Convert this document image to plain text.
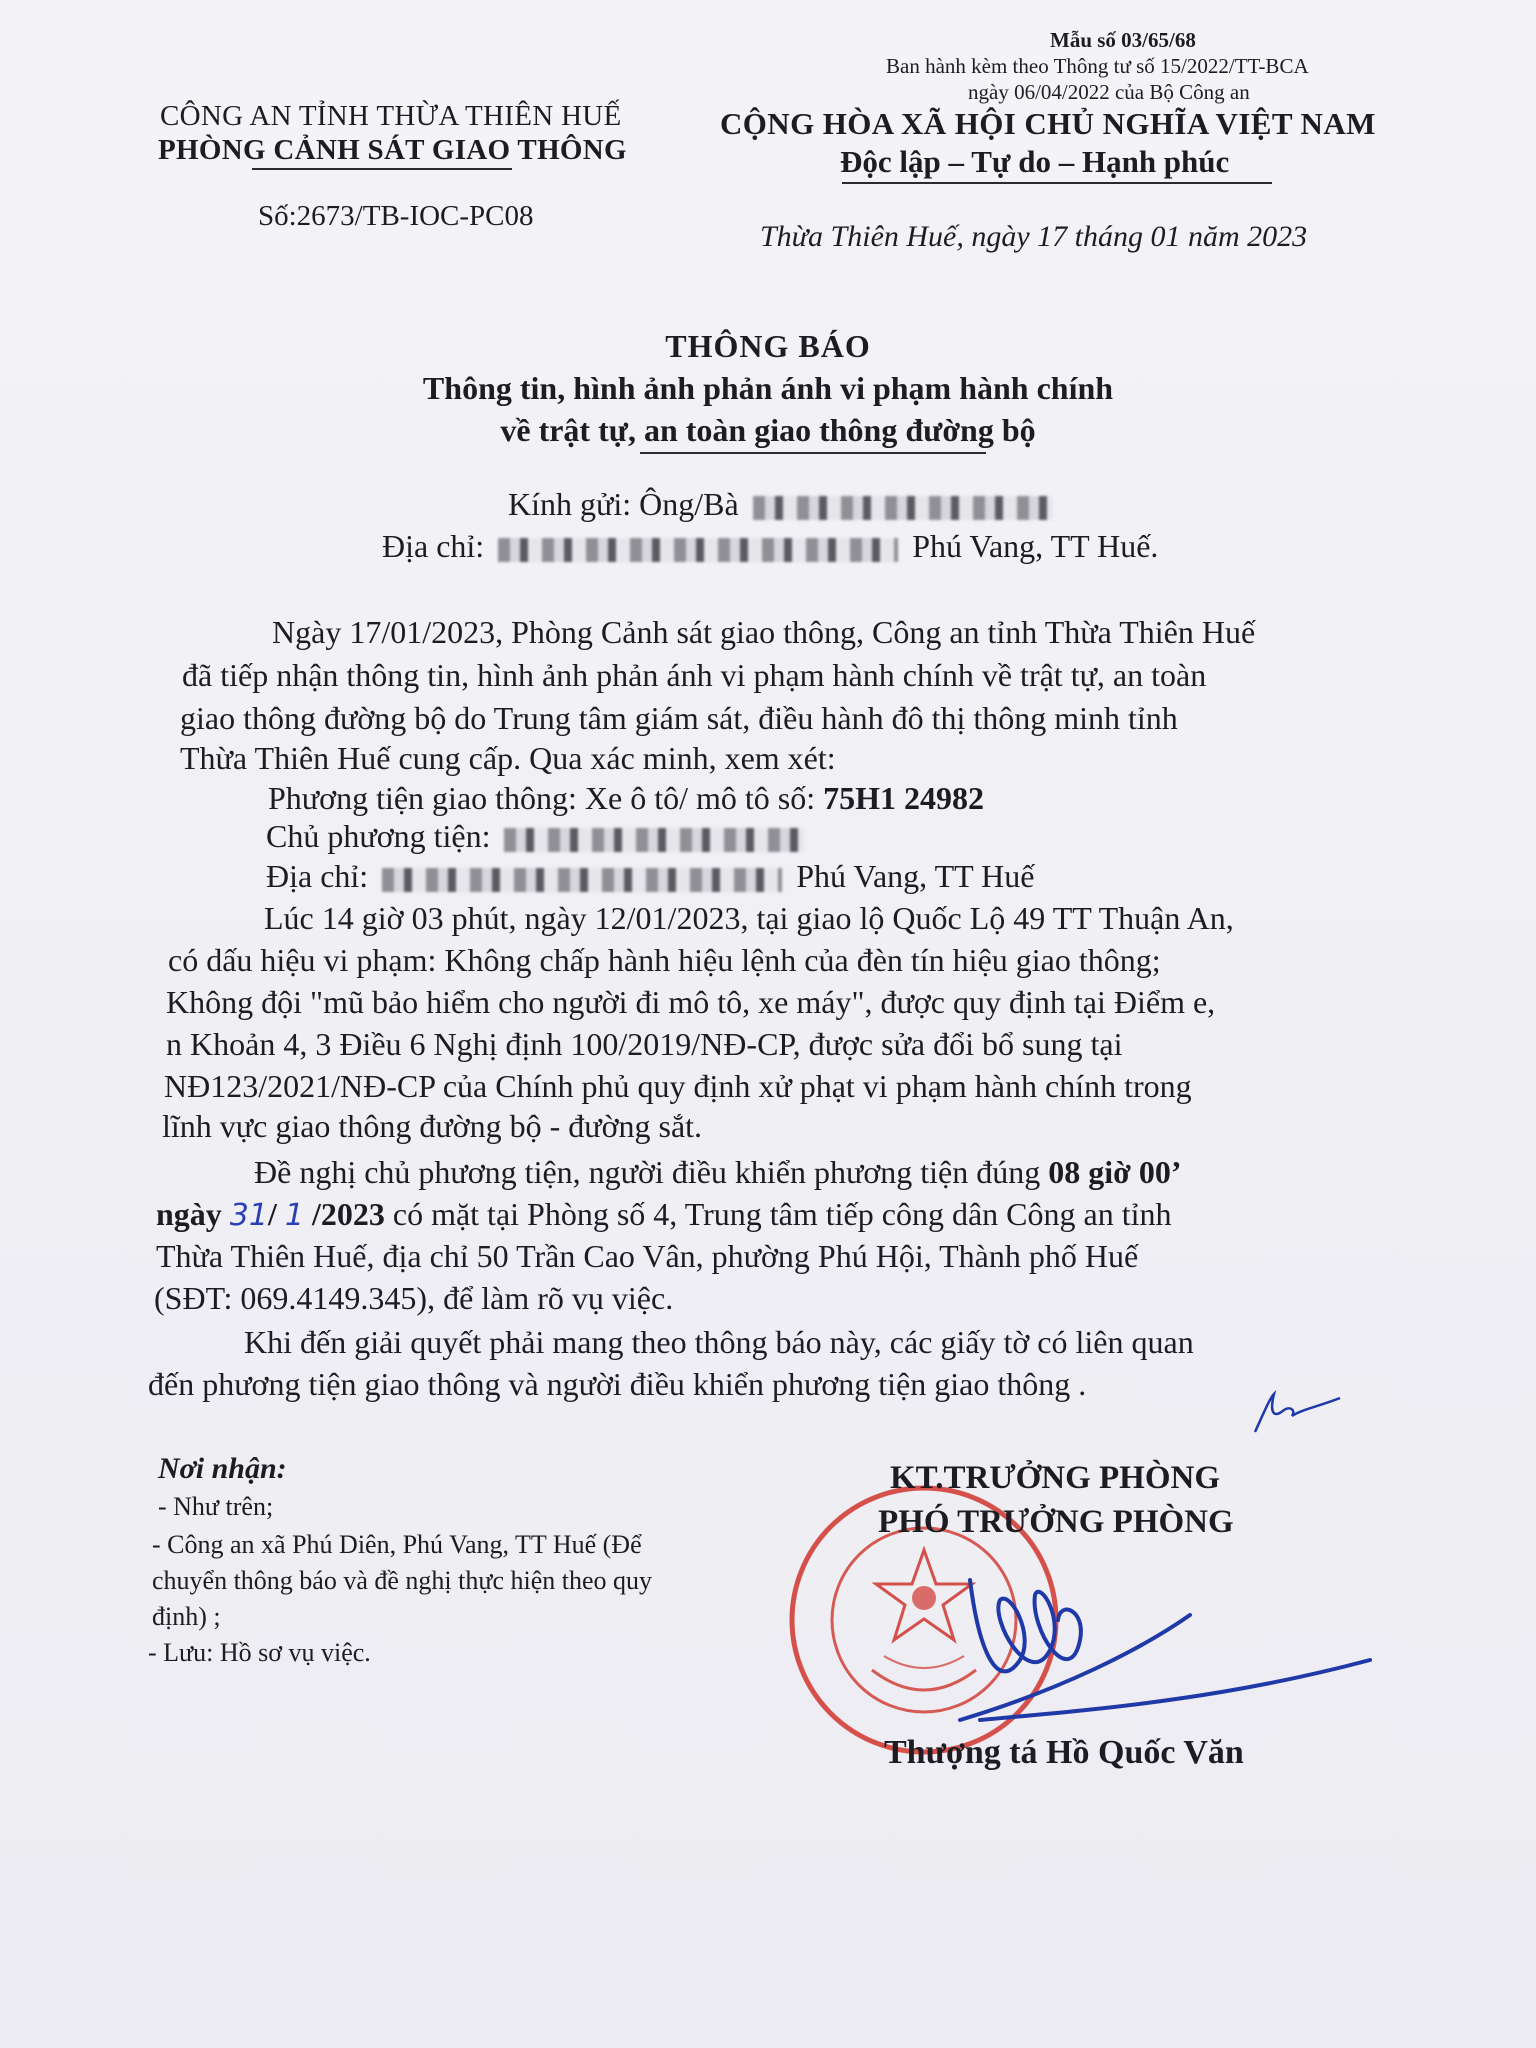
Mẫu số 03/65/68
Ban hành kèm theo Thông tư số 15/2022/TT-BCA
ngày 06/04/2022 của Bộ Công an
CÔNG AN TỈNH THỪA THIÊN HUẾ
PHÒNG CẢNH SÁT GIAO THÔNG
CỘNG HÒA XÃ HỘI CHỦ NGHĨA VIỆT NAM
Độc lập – Tự do – Hạnh phúc
Số:2673/TB-IOC-PC08
Thừa Thiên Huế, ngày 17 tháng 01 năm 2023
THÔNG BÁO
Thông tin, hình ảnh phản ánh vi phạm hành chính
về trật tự, an toàn giao thông đường bộ
Kính gửi: Ông/Bà
Địa chỉ:	Phú Vang, TT Huế.
Ngày 17/01/2023, Phòng Cảnh sát giao thông, Công an tỉnh Thừa Thiên Huế
đã tiếp nhận thông tin, hình ảnh phản ánh vi phạm hành chính về trật tự, an toàn
giao thông đường bộ do Trung tâm giám sát, điều hành đô thị thông minh tỉnh
Thừa Thiên Huế cung cấp. Qua xác minh, xem xét:
Phương tiện giao thông: Xe ô tô/ mô tô số: 75H1 24982
Chủ phương tiện:
Địa chỉ:	Phú Vang, TT Huế
Lúc 14 giờ 03 phút, ngày 12/01/2023, tại giao lộ Quốc Lộ 49 TT Thuận An,
có dấu hiệu vi phạm: Không chấp hành hiệu lệnh của đèn tín hiệu giao thông;
Không đội "mũ bảo hiểm cho người đi mô tô, xe máy", được quy định tại Điểm e,
n Khoản 4, 3 Điều 6 Nghị định 100/2019/NĐ-CP, được sửa đổi bổ sung tại
NĐ123/2021/NĐ-CP của Chính phủ quy định xử phạt vi phạm hành chính trong
lĩnh vực giao thông đường bộ - đường sắt.
Đề nghị chủ phương tiện, người điều khiển phương tiện đúng 08 giờ 00’
ngày 31/ 1 /2023 có mặt tại Phòng số 4, Trung tâm tiếp công dân Công an tỉnh
Thừa Thiên Huế, địa chỉ 50 Trần Cao Vân, phường Phú Hội, Thành phố Huế
(SĐT: 069.4149.345), để làm rõ vụ việc.
Khi đến giải quyết phải mang theo thông báo này, các giấy tờ có liên quan
đến phương tiện giao thông và người điều khiển phương tiện giao thông .
Nơi nhận:
- Như trên;
- Công an xã Phú Diên, Phú Vang, TT Huế (Để
chuyển thông báo và đề nghị thực hiện theo quy
định) ;
- Lưu: Hồ sơ vụ việc.
KT.TRƯỞNG PHÒNG
PHÓ TRƯỞNG PHÒNG
Thượng tá Hồ Quốc Văn
